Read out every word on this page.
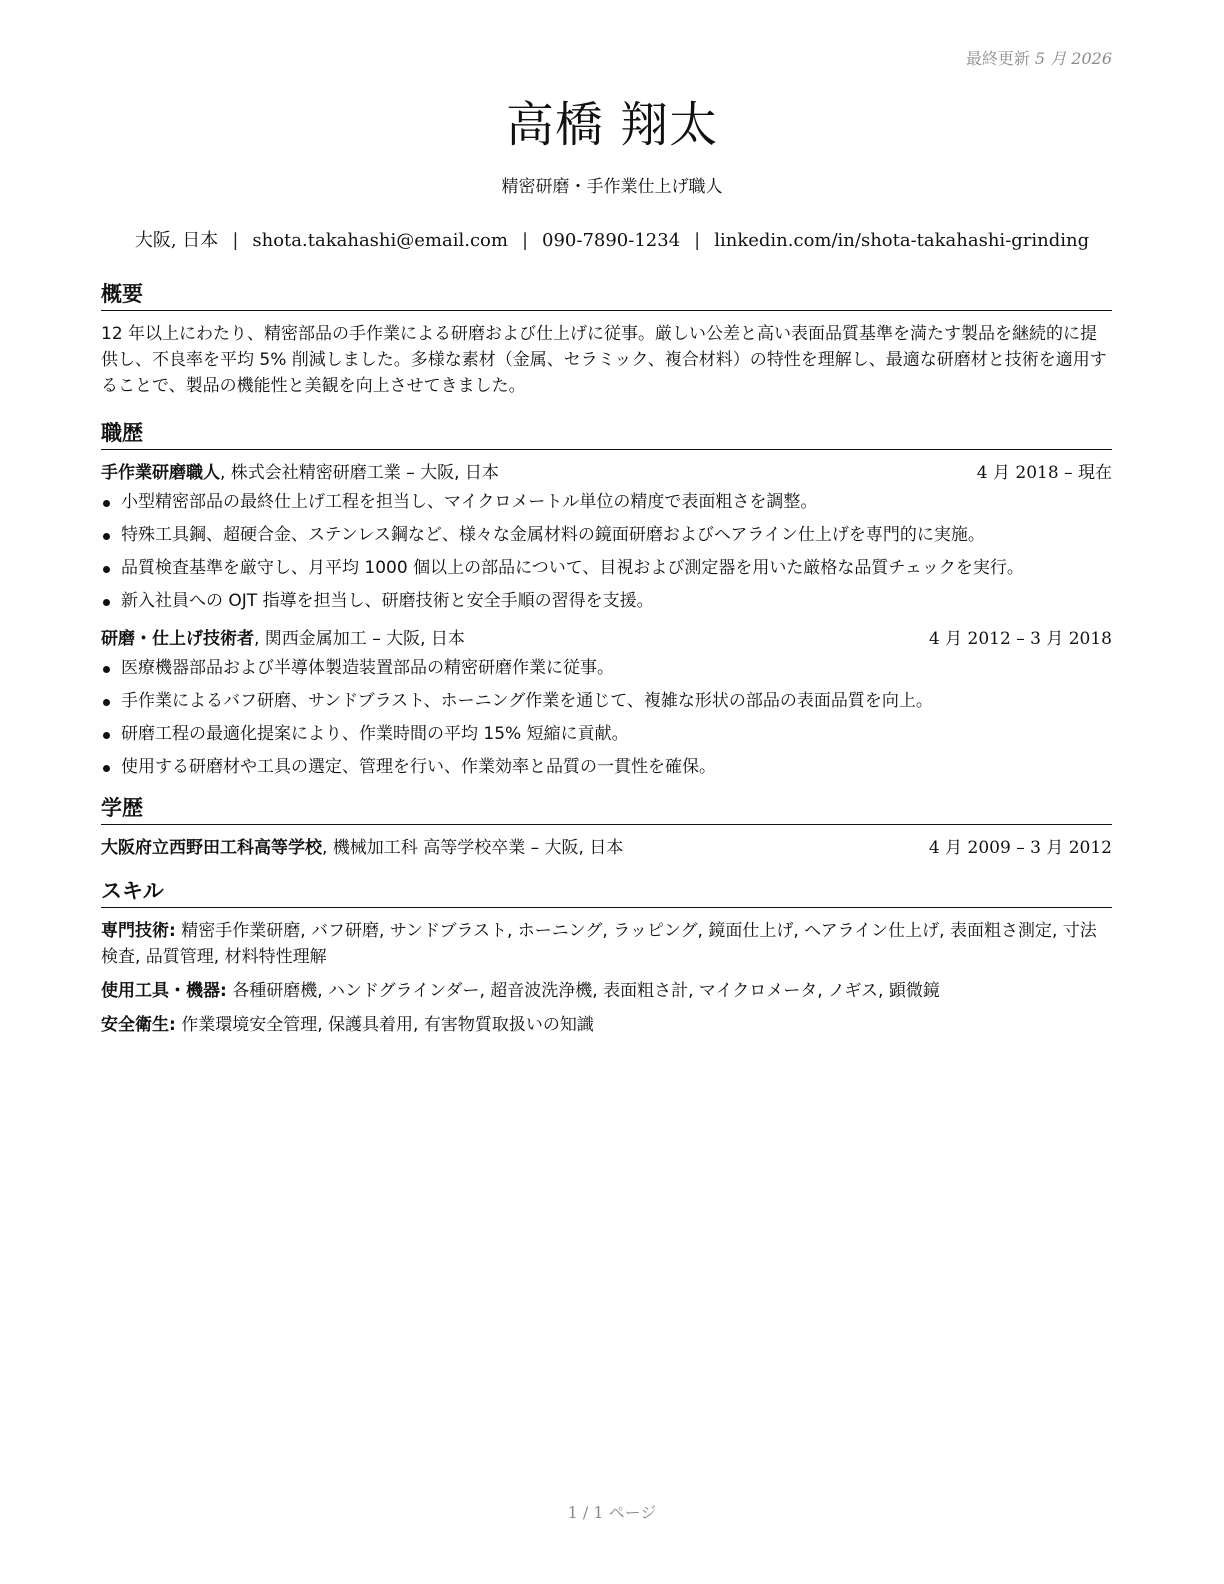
最終更新 5 月 2026
高橋 翔太
精密研磨・手作業仕上げ職人
大阪, 日本 | shota.takahashi@email.com | 090-7890-1234 | linkedin.com/in/shota-takahashi-grinding
概要
12 年以上にわたり、精密部品の手作業による研磨および仕上げに従事。厳しい公差と高い表面品質基準を満たす製品を継続的に提供し、不良率を平均 5% 削減しました。多様な素材（金属、セラミック、複合材料）の特性を理解し、最適な研磨材と技術を適用することで、製品の機能性と美観を向上させてきました。
職歴
手作業研磨職人, 株式会社精密研磨工業 – 大阪, 日本	4 月 2018 – 現在
小型精密部品の最終仕上げ工程を担当し、マイクロメートル単位の精度で表面粗さを調整。
特殊工具鋼、超硬合金、ステンレス鋼など、様々な金属材料の鏡面研磨およびヘアライン仕上げを専門的に実施。
品質検査基準を厳守し、月平均 1000 個以上の部品について、目視および測定器を用いた厳格な品質チェックを実行。
新入社員への OJT 指導を担当し、研磨技術と安全手順の習得を支援。
研磨・仕上げ技術者, 関西金属加工 – 大阪, 日本	4 月 2012 – 3 月 2018
医療機器部品および半導体製造装置部品の精密研磨作業に従事。
手作業によるバフ研磨、サンドブラスト、ホーニング作業を通じて、複雑な形状の部品の表面品質を向上。
研磨工程の最適化提案により、作業時間の平均 15% 短縮に貢献。
使用する研磨材や工具の選定、管理を行い、作業効率と品質の一貫性を確保。
学歴
大阪府立西野田工科高等学校, 機械加工科 高等学校卒業 – 大阪, 日本	4 月 2009 – 3 月 2012
スキル
専門技術: 精密手作業研磨, バフ研磨, サンドブラスト, ホーニング, ラッピング, 鏡面仕上げ, ヘアライン仕上げ, 表面粗さ測定, 寸法検査, 品質管理, 材料特性理解
使用工具・機器: 各種研磨機, ハンドグラインダー, 超音波洗浄機, 表面粗さ計, マイクロメータ, ノギス, 顕微鏡
安全衛生: 作業環境安全管理, 保護具着用, 有害物質取扱いの知識
1 / 1 ページ
